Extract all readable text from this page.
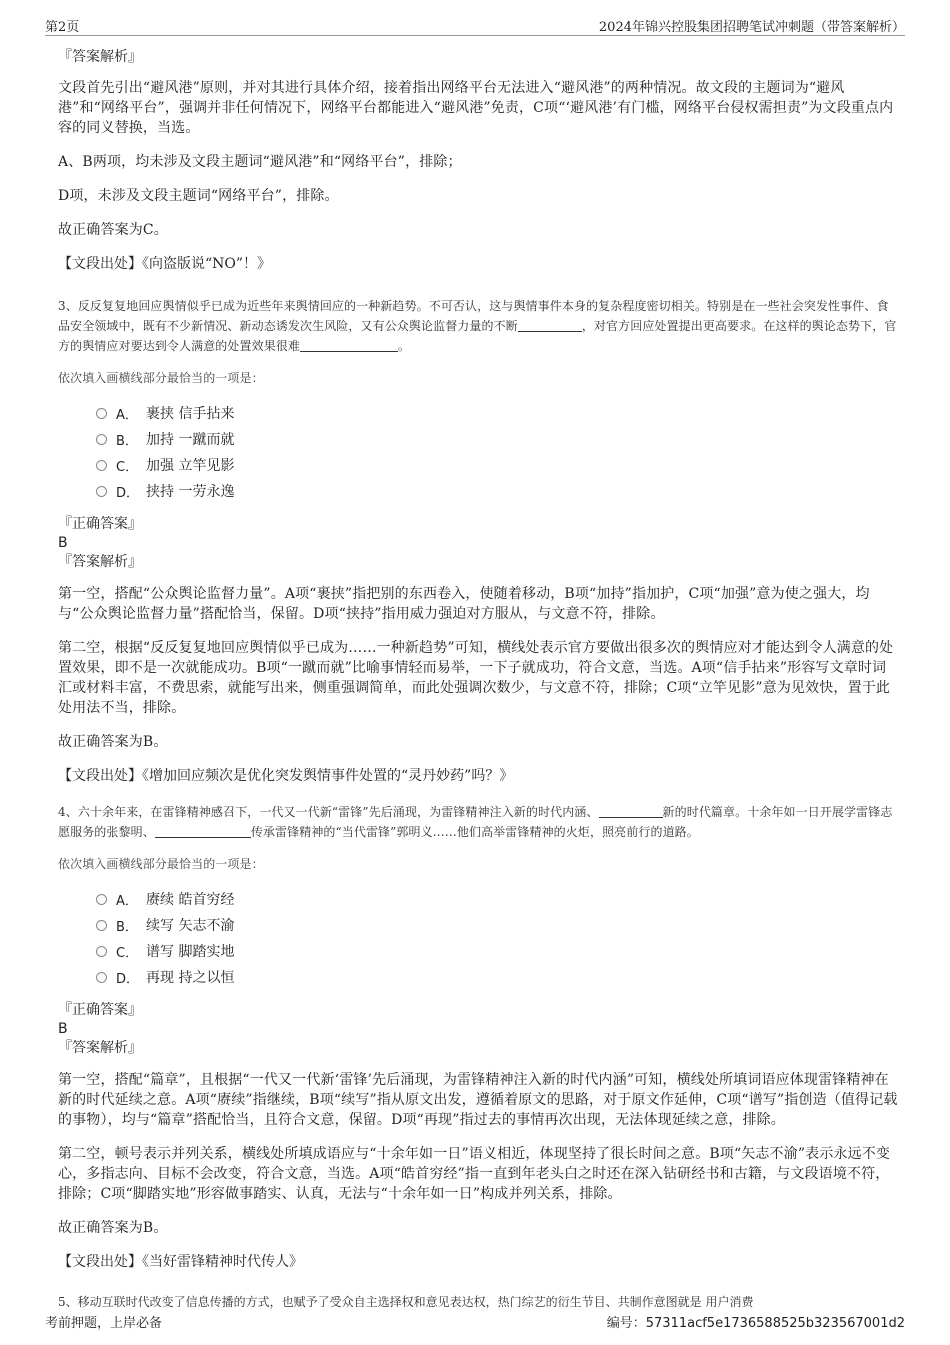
第2页	2024年锦兴控股集团招聘笔试冲刺题（带答案解析）
『答案解析』
文段首先引出“避风港”原则，并对其进行具体介绍，接着指出网络平台无法进入“避风港”的两种情况。故文段的主题词为“避风港”和“网络平台”，强调并非任何情况下，网络平台都能进入“避风港”免责，C项“‘避风港’有门槛，网络平台侵权需担责”为文段重点内容的同义替换，当选。
A、B两项，均未涉及文段主题词“避风港”和“网络平台”，排除；
D项，未涉及文段主题词“网络平台”，排除。
故正确答案为C。
【文段出处】《向盗版说“NO”！》
3、反反复复地回应舆情似乎已成为近些年来舆情回应的一种新趋势。不可否认，这与舆情事件本身的复杂程度密切相关。特别是在一些社会突发性事件、食品安全领域中，既有不少新情况、新动态诱发次生风险，又有公众舆论监督力量的不断	，对官方回应处置提出更高要求。在这样的舆论态势下，官方的舆情应对要达到令人满意的处置效果很难	。
依次填入画横线部分最恰当的一项是：
A． 裹挟 信手拈来
B． 加持 一蹴而就
C． 加强 立竿见影
D． 挟持 一劳永逸
『正确答案』
B
『答案解析』
第一空，搭配“公众舆论监督力量”。A项“裹挟”指把别的东西卷入，使随着移动，B项“加持”指加护，C项“加强”意为使之强大，均与“公众舆论监督力量”搭配恰当，保留。D项“挟持”指用威力强迫对方服从，与文意不符，排除。
第二空，根据“反反复复地回应舆情似乎已成为……一种新趋势”可知，横线处表示官方要做出很多次的舆情应对才能达到令人满意的处置效果，即不是一次就能成功。B项“一蹴而就”比喻事情轻而易举，一下子就成功，符合文意，当选。A项“信手拈来”形容写文章时词汇或材料丰富，不费思索，就能写出来，侧重强调简单，而此处强调次数少，与文意不符，排除；C项“立竿见影”意为见效快，置于此处用法不当，排除。
故正确答案为B。
【文段出处】《增加回应频次是优化突发舆情事件处置的“灵丹妙药”吗？》
4、六十余年来，在雷锋精神感召下，一代又一代新“雷锋”先后涌现，为雷锋精神注入新的时代内涵、	新的时代篇章。十余年如一日开展学雷锋志愿服务的张黎明、	传承雷锋精神的“当代雷锋”郭明义……他们高举雷锋精神的火炬，照亮前行的道路。
依次填入画横线部分最恰当的一项是：
A． 赓续 皓首穷经
B． 续写 矢志不渝
C． 谱写 脚踏实地
D． 再现 持之以恒
『正确答案』
B
『答案解析』
第一空，搭配“篇章”，且根据“一代又一代新‘雷锋’先后涌现，为雷锋精神注入新的时代内涵”可知，横线处所填词语应体现雷锋精神在新的时代延续之意。A项“赓续”指继续，B项“续写”指从原文出发，遵循着原文的思路，对于原文作延伸，C项“谱写”指创造（值得记载的事物），均与“篇章”搭配恰当，且符合文意，保留。D项“再现”指过去的事情再次出现，无法体现延续之意，排除。
第二空，顿号表示并列关系，横线处所填成语应与“十余年如一日”语义相近，体现坚持了很长时间之意。B项“矢志不渝”表示永远不变心，多指志向、目标不会改变，符合文意，当选。A项“皓首穷经”指一直到年老头白之时还在深入钻研经书和古籍，与文段语境不符，排除；C项“脚踏实地”形容做事踏实、认真，无法与“十余年如一日”构成并列关系，排除。
故正确答案为B。
【文段出处】《当好雷锋精神时代传人》
5、移动互联时代改变了信息传播的方式，也赋予了受众自主选择权和意见表达权，热门综艺的衍生节目、共制作意图就是 用户消费
考前押题，上岸必备	编号：57311acf5e1736588525b323567001d2
